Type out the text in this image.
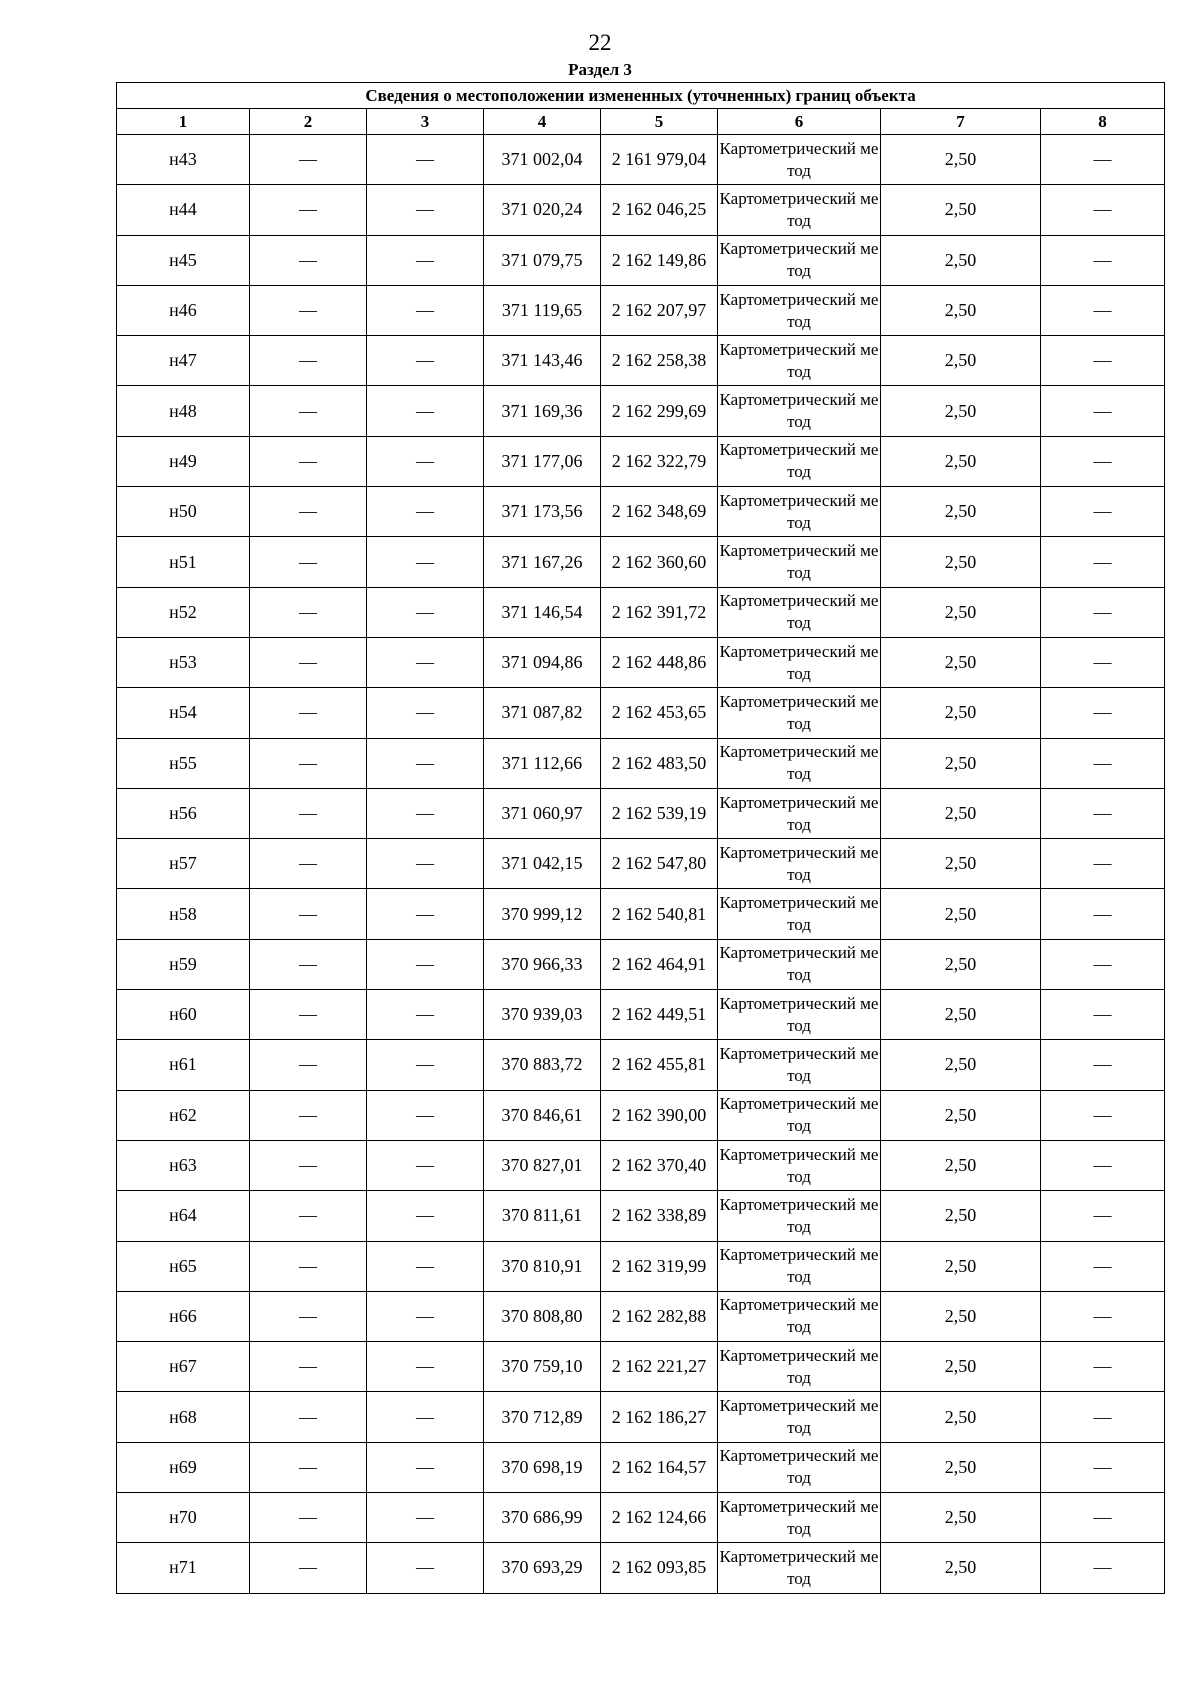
22
Раздел 3
Сведения о местоположении измененных (уточненных) границ объекта							
1	2	3	4	5	6	7	8
н43	—	—	371 002,04	2 161 979,04	Картометрический метод	2,50	—
н44	—	—	371 020,24	2 162 046,25	Картометрический метод	2,50	—
н45	—	—	371 079,75	2 162 149,86	Картометрический метод	2,50	—
н46	—	—	371 119,65	2 162 207,97	Картометрический метод	2,50	—
н47	—	—	371 143,46	2 162 258,38	Картометрический метод	2,50	—
н48	—	—	371 169,36	2 162 299,69	Картометрический метод	2,50	—
н49	—	—	371 177,06	2 162 322,79	Картометрический метод	2,50	—
н50	—	—	371 173,56	2 162 348,69	Картометрический метод	2,50	—
н51	—	—	371 167,26	2 162 360,60	Картометрический метод	2,50	—
н52	—	—	371 146,54	2 162 391,72	Картометрический метод	2,50	—
н53	—	—	371 094,86	2 162 448,86	Картометрический метод	2,50	—
н54	—	—	371 087,82	2 162 453,65	Картометрический метод	2,50	—
н55	—	—	371 112,66	2 162 483,50	Картометрический метод	2,50	—
н56	—	—	371 060,97	2 162 539,19	Картометрический метод	2,50	—
н57	—	—	371 042,15	2 162 547,80	Картометрический метод	2,50	—
н58	—	—	370 999,12	2 162 540,81	Картометрический метод	2,50	—
н59	—	—	370 966,33	2 162 464,91	Картометрический метод	2,50	—
н60	—	—	370 939,03	2 162 449,51	Картометрический метод	2,50	—
н61	—	—	370 883,72	2 162 455,81	Картометрический метод	2,50	—
н62	—	—	370 846,61	2 162 390,00	Картометрический метод	2,50	—
н63	—	—	370 827,01	2 162 370,40	Картометрический метод	2,50	—
н64	—	—	370 811,61	2 162 338,89	Картометрический метод	2,50	—
н65	—	—	370 810,91	2 162 319,99	Картометрический метод	2,50	—
н66	—	—	370 808,80	2 162 282,88	Картометрический метод	2,50	—
н67	—	—	370 759,10	2 162 221,27	Картометрический метод	2,50	—
н68	—	—	370 712,89	2 162 186,27	Картометрический метод	2,50	—
н69	—	—	370 698,19	2 162 164,57	Картометрический метод	2,50	—
н70	—	—	370 686,99	2 162 124,66	Картометрический метод	2,50	—
н71	—	—	370 693,29	2 162 093,85	Картометрический метод	2,50	—
